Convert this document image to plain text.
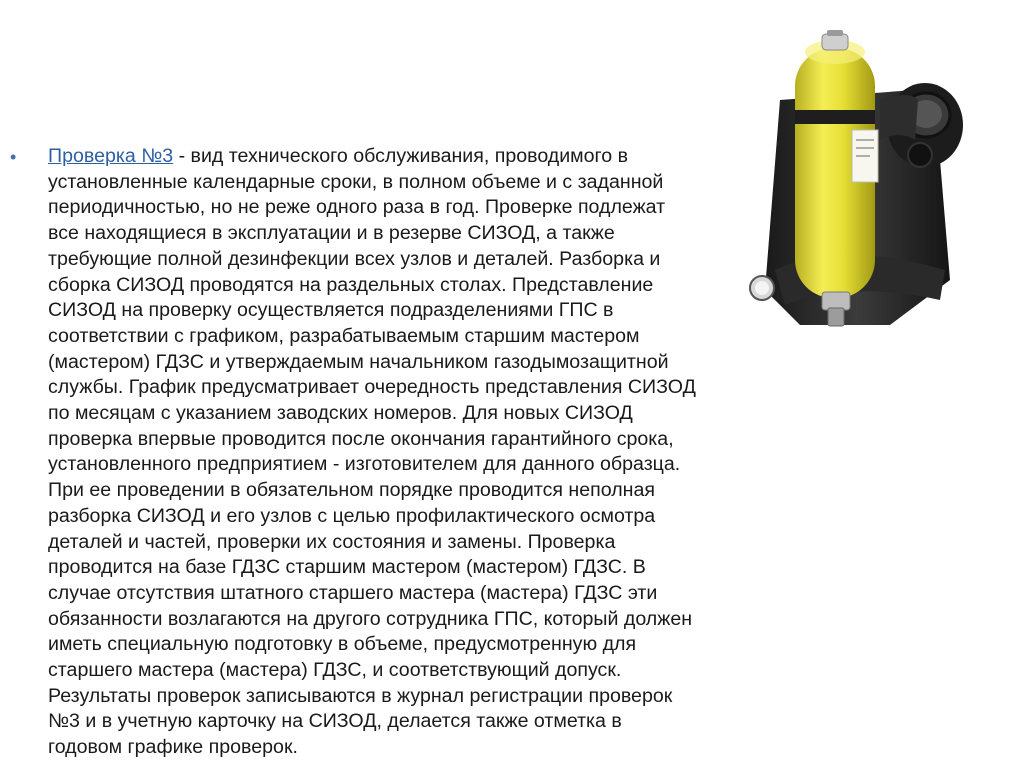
•	Проверка №3 - вид технического обслуживания, проводимого в
установленные календарные сроки, в полном объеме и с заданной
периодичностью, но не реже одного раза в год. Проверке подлежат
все находящиеся в эксплуатации и в резерве СИЗОД, а также
требующие полной дезинфекции всех узлов и деталей. Разборка и
сборка СИЗОД проводятся на раздельных столах. Представление
СИЗОД на проверку осуществляется подразделениями ГПС в
соответствии с графиком, разрабатываемым старшим мастером
(мастером) ГДЗС и утверждаемым начальником газодымозащитной
службы. График предусматривает очередность представления СИЗОД
по месяцам с указанием заводских номеров. Для новых СИЗОД
проверка впервые проводится после окончания гарантийного срока,
установленного предприятием - изготовителем для данного образца.
При ее проведении в обязательном порядке проводится неполная
разборка СИЗОД и его узлов с целью профилактического осмотра
деталей и частей, проверки их состояния и замены. Проверка
проводится на базе ГДЗС старшим мастером (мастером) ГДЗС. В
случае отсутствия штатного старшего мастера (мастера) ГДЗС эти
обязанности возлагаются на другого сотрудника ГПС, который должен
иметь специальную подготовку в объеме, предусмотренную для
старшего мастера (мастера) ГДЗС, и соответствующий допуск.
Результаты проверок записываются в журнал регистрации проверок
№3 и в учетную карточку на СИЗОД, делается также отметка в
годовом графике проверок.
